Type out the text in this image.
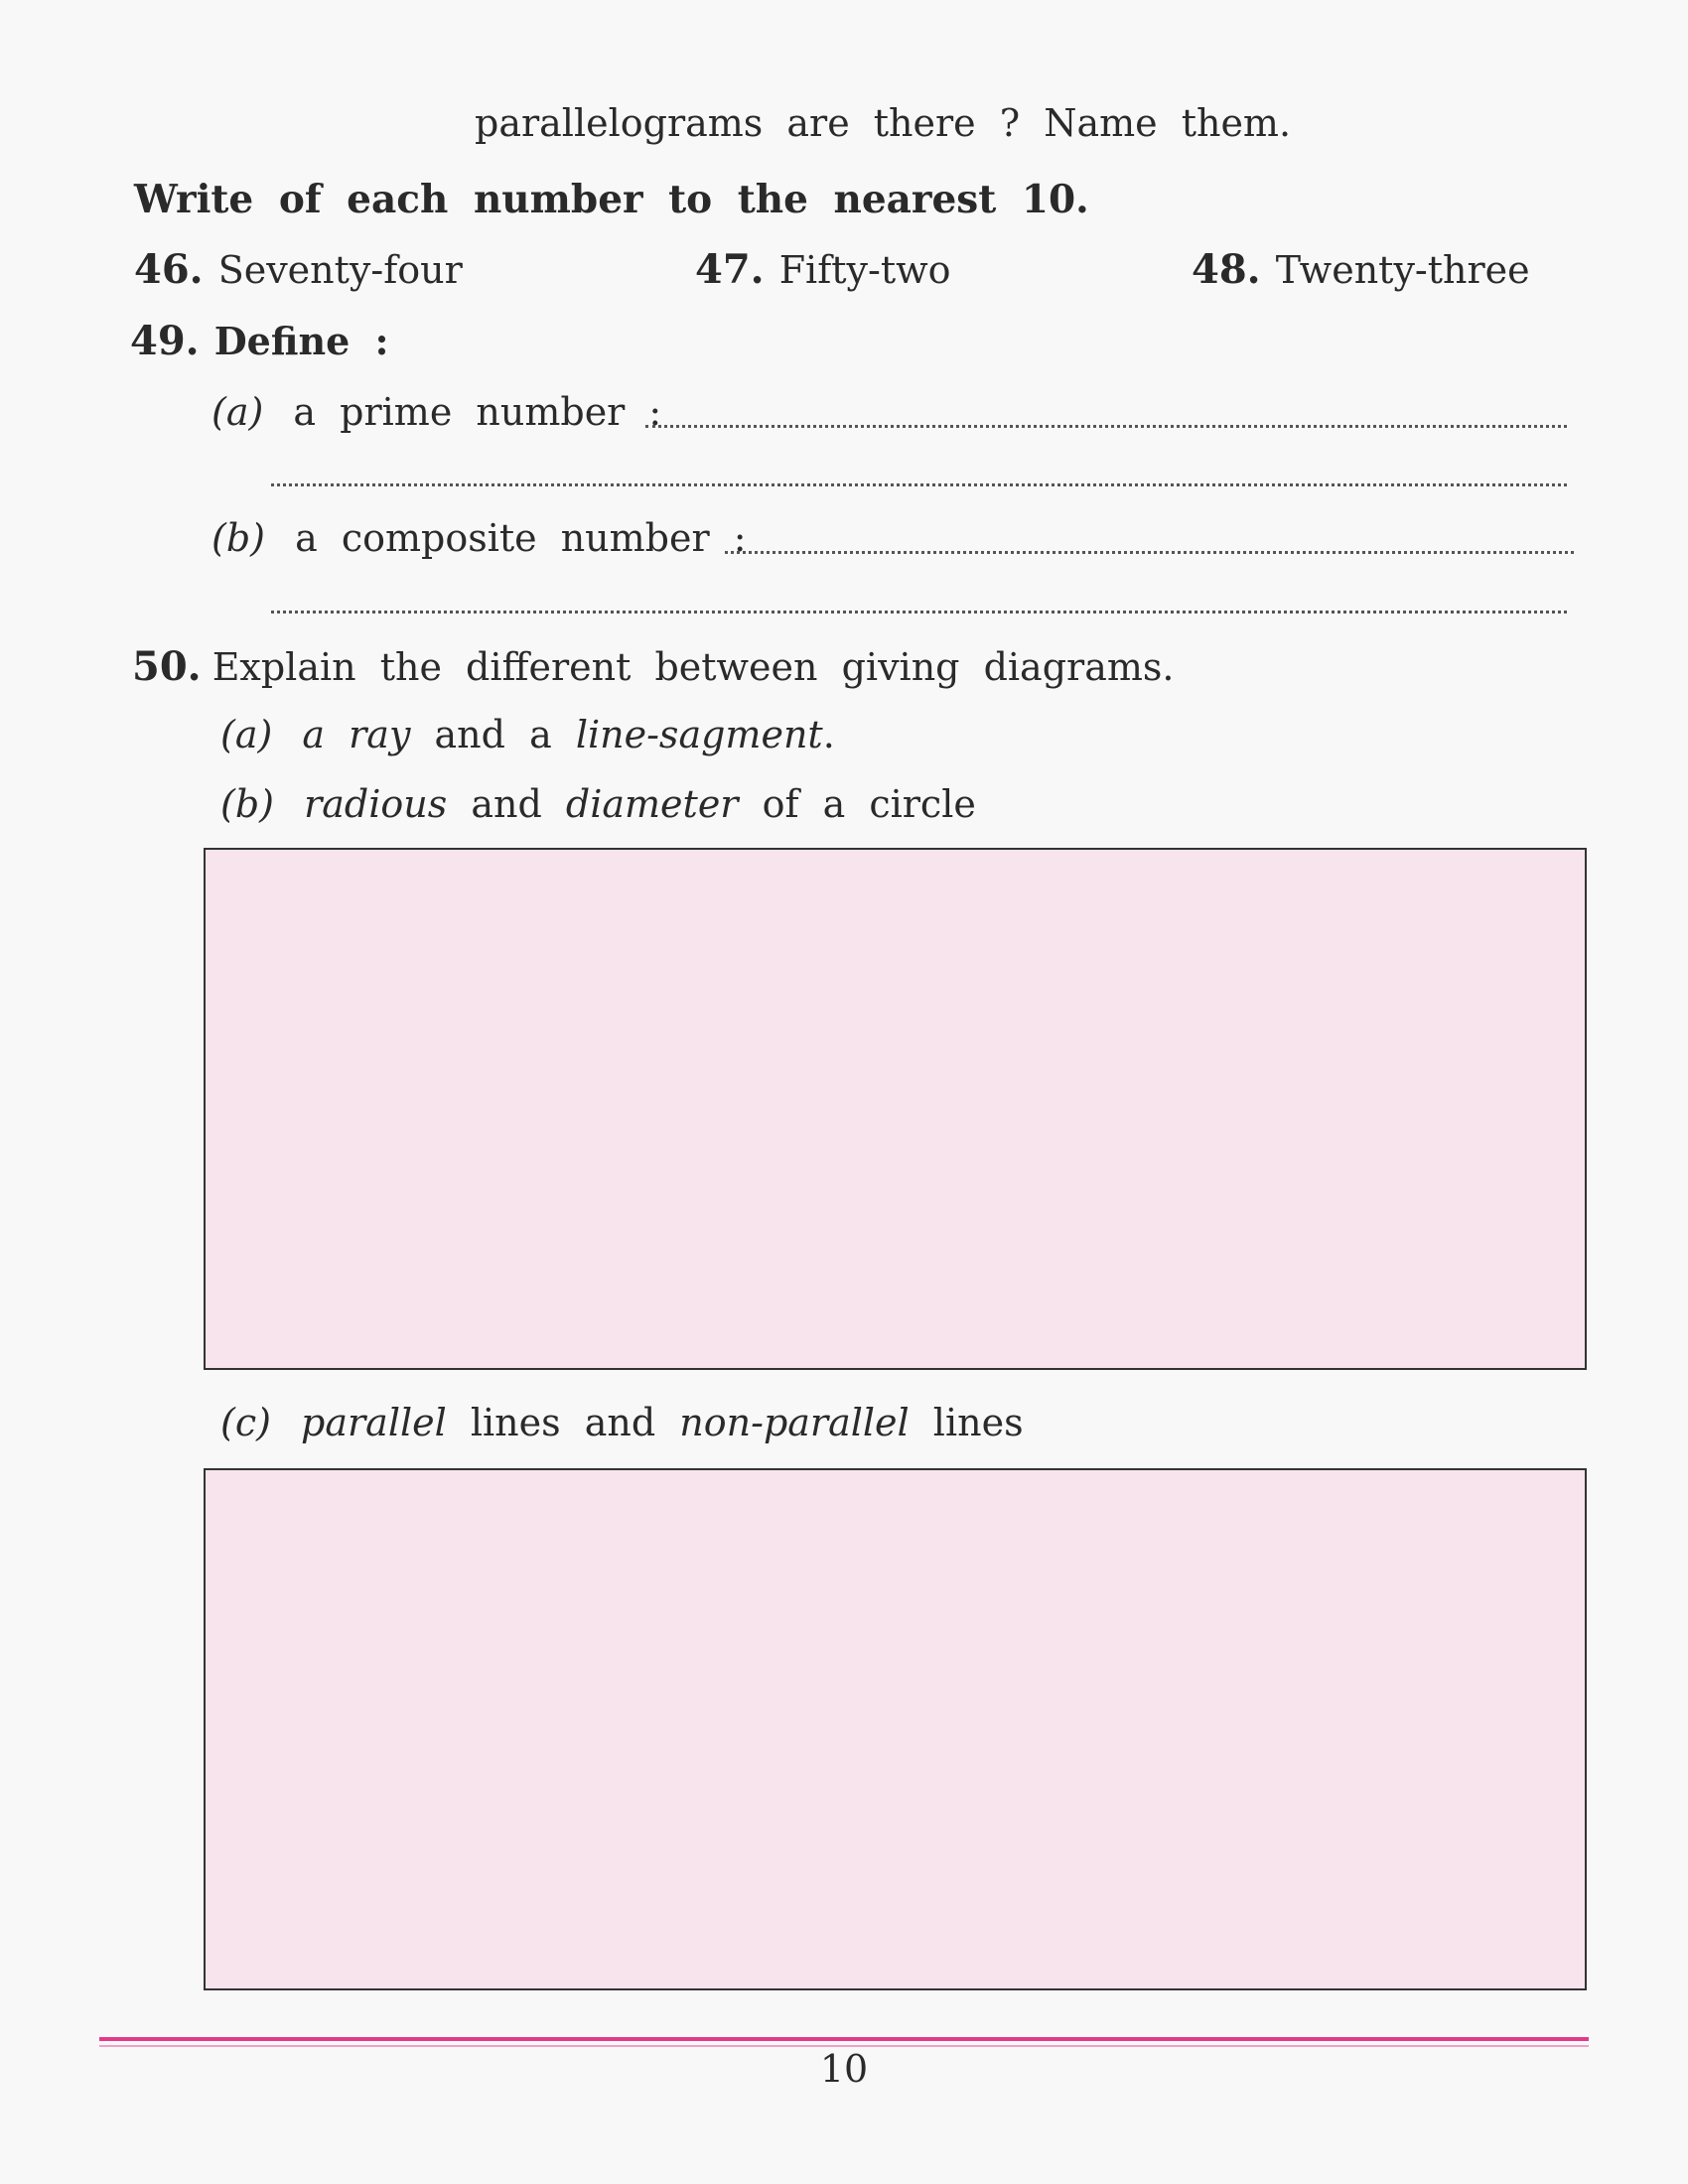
parallelograms are there ? Name them.
Write of each number to the nearest 10.
46. Seventy-four	47. Fifty-two	48. Twenty-three
49. Define :
(a) a prime number :
(b) a composite number :
50. Explain the different between giving diagrams.
(a) a ray and a line-sagment.
(b) radious and diameter of a circle
(c) parallel lines and non-parallel lines
10
